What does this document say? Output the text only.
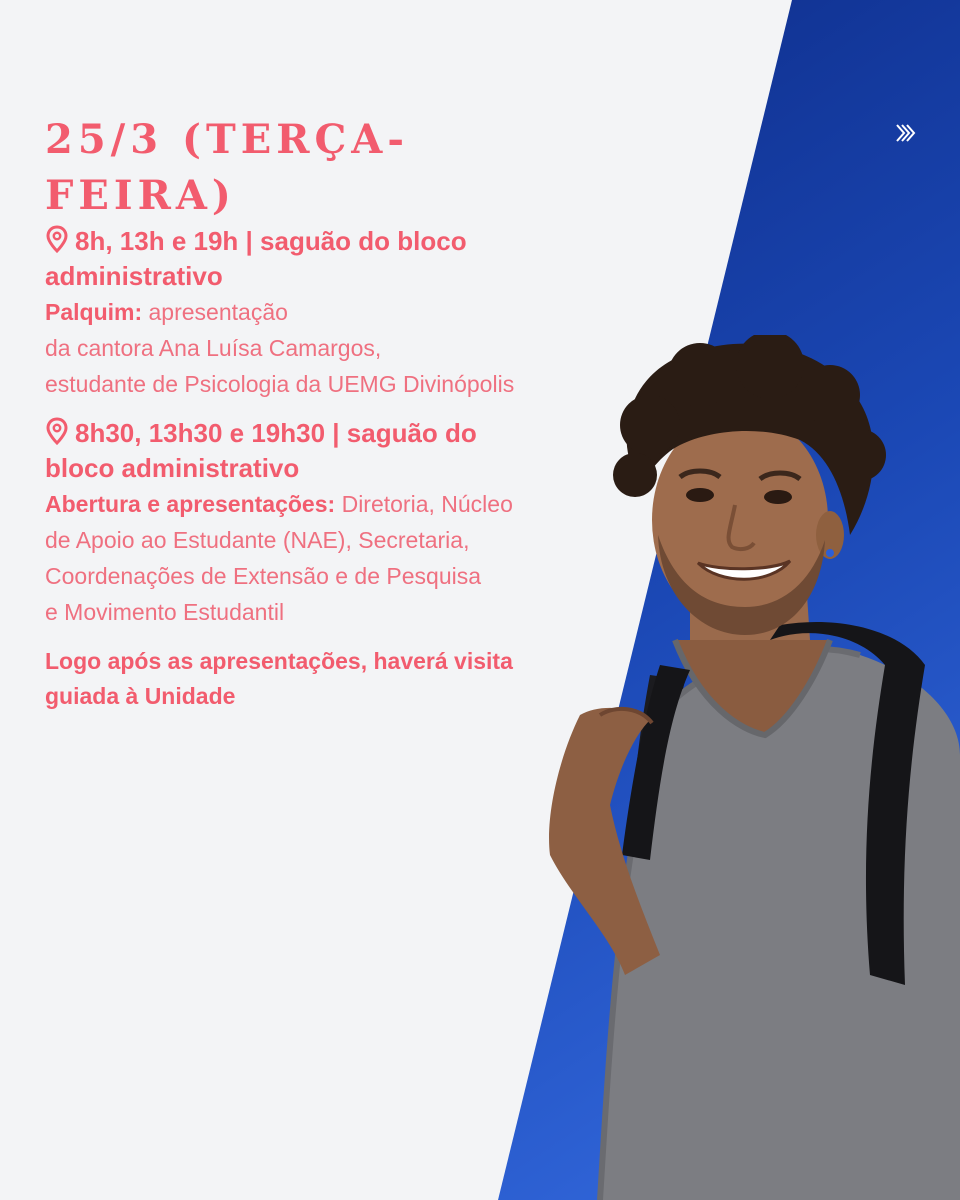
25/3 (TERÇA-FEIRA)

8h, 13h e 19h | saguão do bloco
administrativo

Palquim: apresentação
da cantora Ana Luísa Camargos,
estudante de Psicologia da UEMG Divinópolis

8h30, 13h30 e 19h30 | saguão do
bloco administrativo

Abertura e apresentações: Diretoria, Núcleo
de Apoio ao Estudante (NAE), Secretaria,
Coordenações de Extensão e de Pesquisa
e Movimento Estudantil

Logo após as apresentações, haverá visita
guiada à Unidade
